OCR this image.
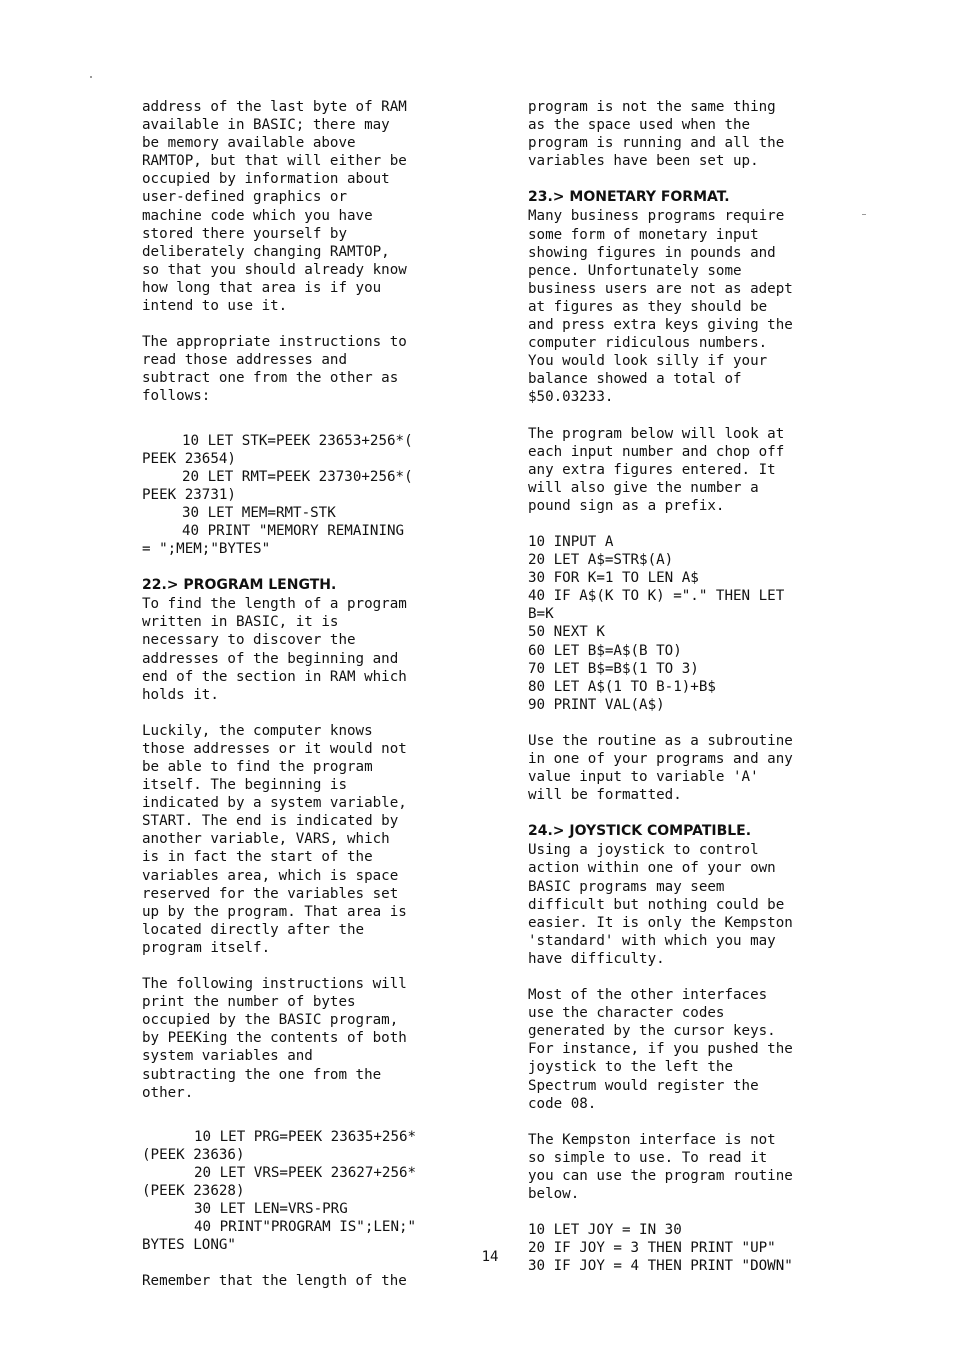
address of the last byte of RAM
available in BASIC; there may
be memory available above
RAMTOP, but that will either be
occupied by information about
user-defined graphics or
machine code which you have
stored there yourself by
deliberately changing RAMTOP,
so that you should already know
how long that area is if you
intend to use it.
The appropriate instructions to
read those addresses and
subtract one from the other as
follows:
10 LET STK=PEEK 23653+256*(
PEEK 23654)
20 LET RMT=PEEK 23730+256*(
PEEK 23731)
30 LET MEM=RMT-STK
40 PRINT "MEMORY REMAINING
= ";MEM;"BYTES"
22.> PROGRAM LENGTH.
To find the length of a program
written in BASIC, it is
necessary to discover the
addresses of the beginning and
end of the section in RAM which
holds it.
Luckily, the computer knows
those addresses or it would not
be able to find the program
itself. The beginning is
indicated by a system variable,
START. The end is indicated by
another variable, VARS, which
is in fact the start of the
variables area, which is space
reserved for the variables set
up by the program. That area is
located directly after the
program itself.
The following instructions will
print the number of bytes
occupied by the BASIC program,
by PEEKing the contents of both
system variables and
subtracting the one from the
other.
10 LET PRG=PEEK 23635+256*
(PEEK 23636)
20 LET VRS=PEEK 23627+256*
(PEEK 23628)
30 LET LEN=VRS-PRG
40 PRINT"PROGRAM IS";LEN;"
BYTES LONG"
Remember that the length of the
program is not the same thing
as the space used when the
program is running and all the
variables have been set up.
23.> MONETARY FORMAT.
Many business programs require
some form of monetary input
showing figures in pounds and
pence. Unfortunately some
business users are not as adept
at figures as they should be
and press extra keys giving the
computer ridiculous numbers.
You would look silly if your
balance showed a total of
$50.03233.
The program below will look at
each input number and chop off
any extra figures entered. It
will also give the number a
pound sign as a prefix.
10 INPUT A
20 LET A$=STR$(A)
30 FOR K=1 TO LEN A$
40 IF A$(K TO K) ="." THEN LET
B=K
50 NEXT K
60 LET B$=A$(B TO)
70 LET B$=B$(1 TO 3)
80 LET A$(1 TO B-1)+B$
90 PRINT VAL(A$)
Use the routine as a subroutine
in one of your programs and any
value input to variable 'A'
will be formatted.
24.> JOYSTICK COMPATIBLE.
Using a joystick to control
action within one of your own
BASIC programs may seem
difficult but nothing could be
easier. It is only the Kempston
'standard' with which you may
have difficulty.
Most of the other interfaces
use the character codes
generated by the cursor keys.
For instance, if you pushed the
joystick to the left the
Spectrum would register the
code 08.
The Kempston interface is not
so simple to use. To read it
you can use the program routine
below.
10 LET JOY = IN 30
20 IF JOY = 3 THEN PRINT "UP"
30 IF JOY = 4 THEN PRINT "DOWN"
14
